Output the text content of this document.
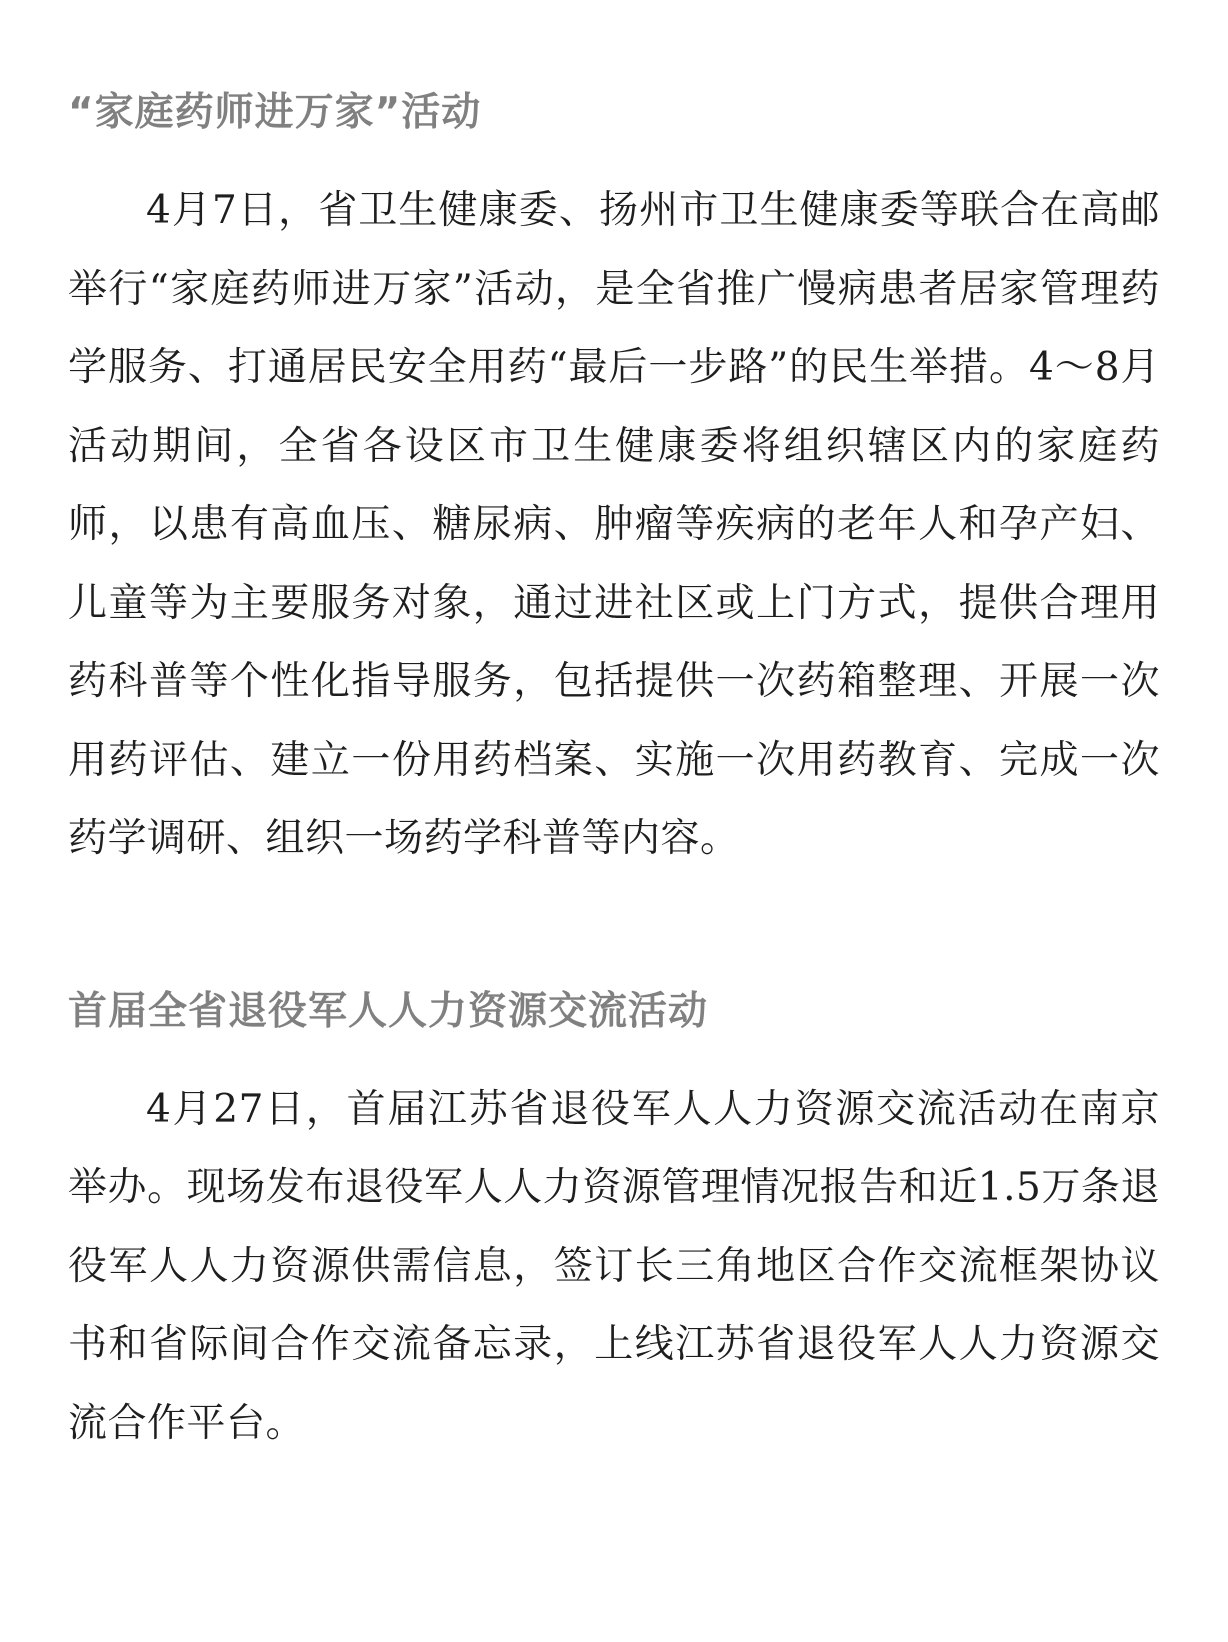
“家庭药师进万家”活动

4月7日，省卫生健康委、扬州市卫生健康委等联合在高邮举行“家庭药师进万家”活动，是全省推广慢病患者居家管理药学服务、打通居民安全用药“最后一步路”的民生举措。4～8月活动期间，全省各设区市卫生健康委将组织辖区内的家庭药师，以患有高血压、糖尿病、肿瘤等疾病的老年人和孕产妇、儿童等为主要服务对象，通过进社区或上门方式，提供合理用药科普等个性化指导服务，包括提供一次药箱整理、开展一次用药评估、建立一份用药档案、实施一次用药教育、完成一次药学调研、组织一场药学科普等内容。

首届全省退役军人人力资源交流活动

4月27日，首届江苏省退役军人人力资源交流活动在南京举办。现场发布退役军人人力资源管理情况报告和近1.5万条退役军人人力资源供需信息，签订长三角地区合作交流框架协议书和省际间合作交流备忘录，上线江苏省退役军人人力资源交流合作平台。
